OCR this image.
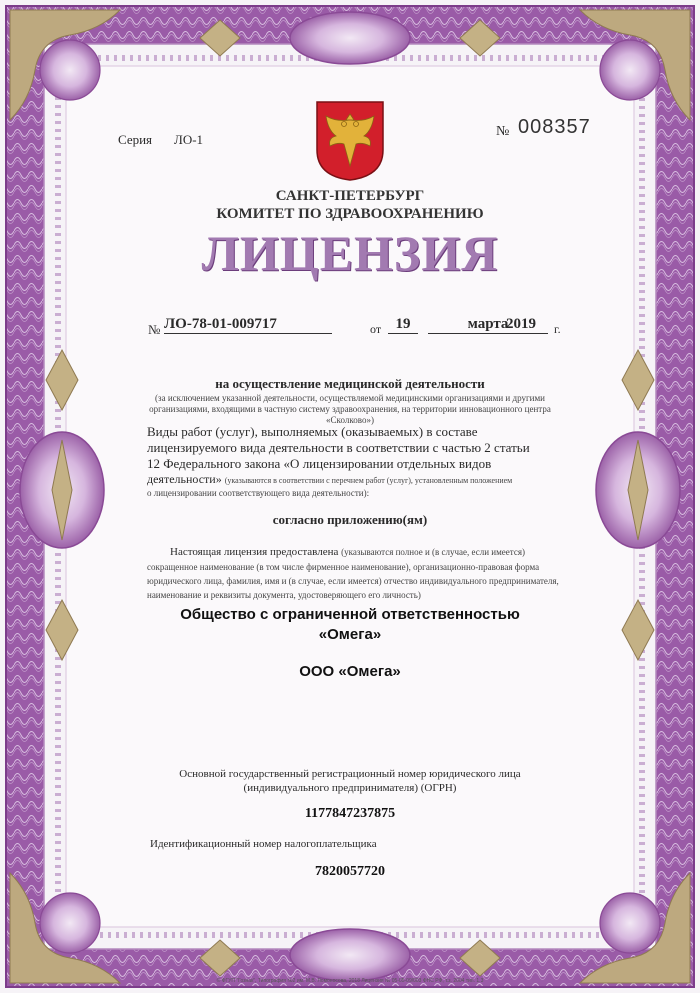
Серия ЛО-1
№ 008357
САНКТ-ПЕТЕРБУРГ
КОМИТЕТ ПО ЗДРАВООХРАНЕНИЮ
ЛИЦЕНЗИЯ
№ ЛО-78-01-009717	от 19	марта
2019 г.
на осуществление медицинской деятельности
(за исключением указанной деятельности, осуществляемой медицинскими организациями и другими
организациями, входящими в частную систему здравоохранения, на территории инновационного центра
«Сколково»)
Виды работ (услуг), выполняемых (оказываемых) в составе
лицензируемого вида деятельности в соответствии с частью 2 статьи
12 Федерального закона «О лицензировании отдельных видов
деятельности» (указываются в соответствии с перечнем работ (услуг), установленным положением
о лицензировании соответствующего вида деятельности):
согласно приложению(ям)
Настоящая лицензия предоставлена (указываются полное и (в случае, если имеется)
сокращенное наименование (в том числе фирменное наименование), организационно-правовая форма
юридического лица, фамилия, имя и (в случае, если имеется) отчество индивидуального предпринимателя,
наименование и реквизиты документа, удостоверяющего его личность)
Общество с ограниченной ответственностью
«Омега»
ООО «Омега»
Основной государственный регистрационный номер юридического лица
(индивидуального предпринимателя) (ОГРН)
1177847237875
Идентификационный номер налогоплательщика
7820057720
© ФГУП "Гознак", Типография №2 им. М.В. Ломоносова, 2018 Лицензия № 05-05-09/003 ФНС РФ, т.з. 2004 тип. 1.3
